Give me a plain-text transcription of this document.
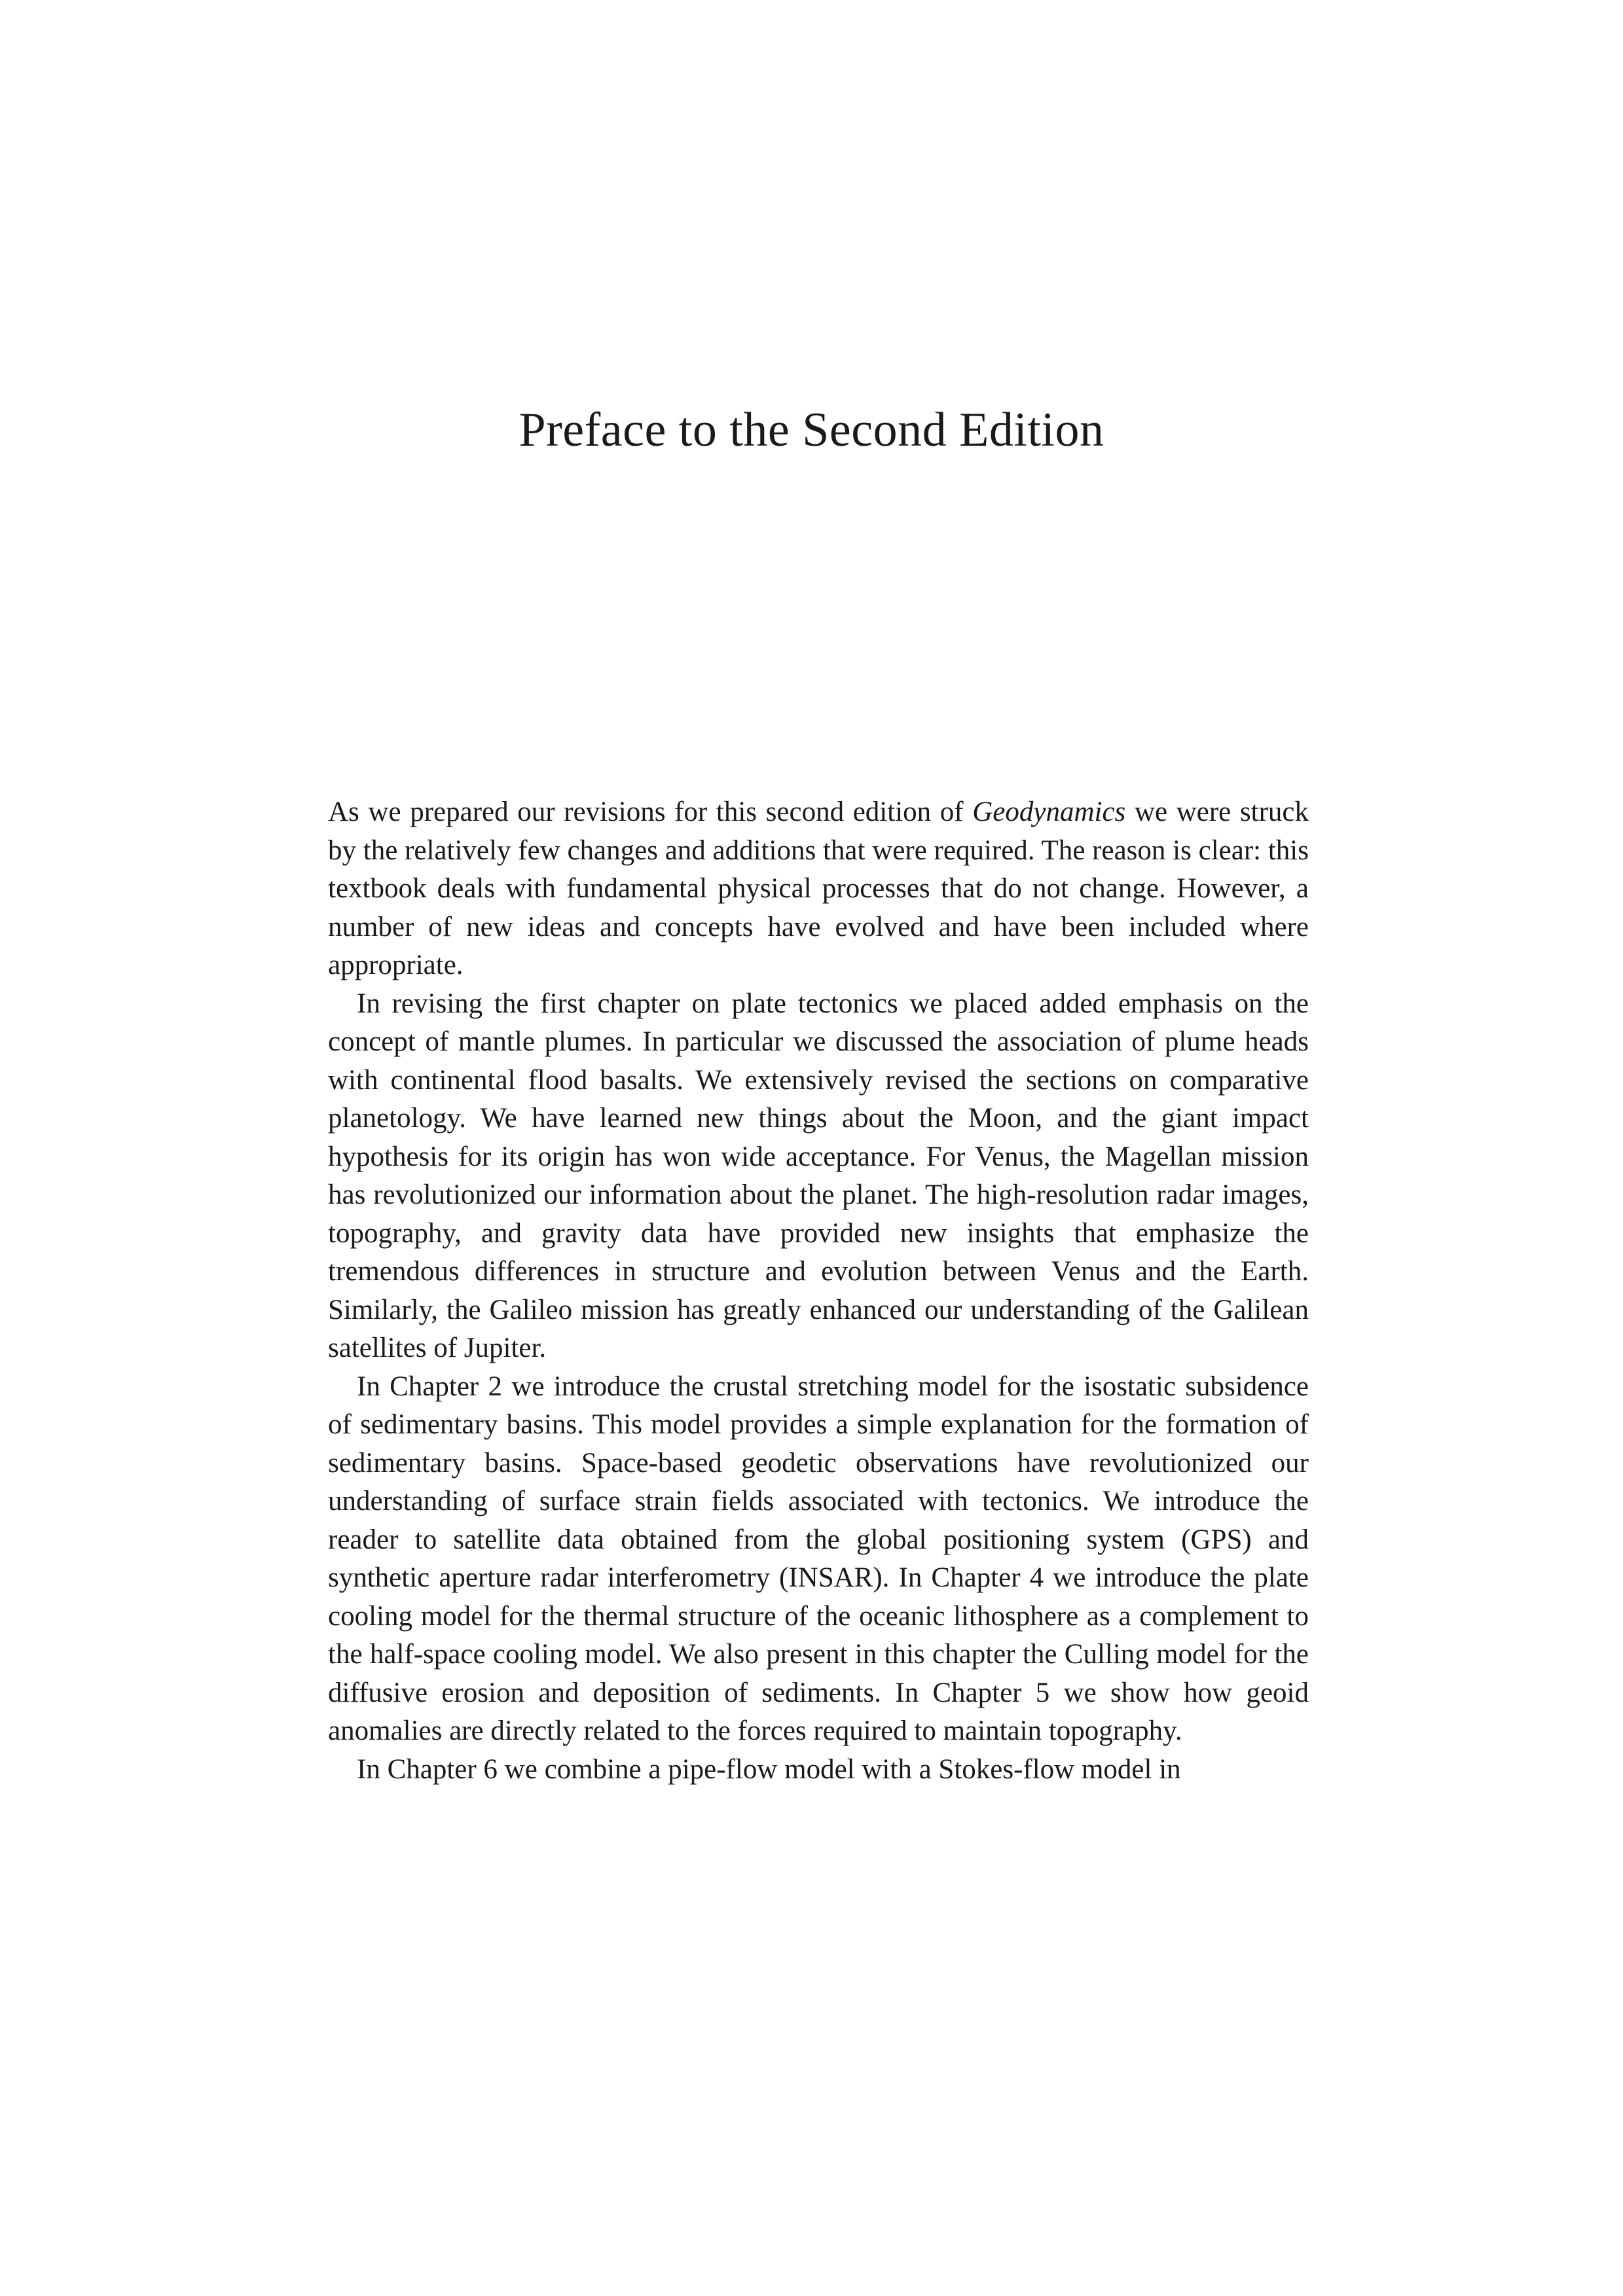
Preface to the Second Edition

As we prepared our revisions for this second edition of Geodynamics we were struck by the relatively few changes and additions that were required. The reason is clear: this textbook deals with fundamental physical processes that do not change. However, a number of new ideas and concepts have evolved and have been included where appropriate.

In revising the first chapter on plate tectonics we placed added emphasis on the concept of mantle plumes. In particular we discussed the association of plume heads with continental flood basalts. We extensively revised the sections on comparative planetology. We have learned new things about the Moon, and the giant impact hypothesis for its origin has won wide acceptance. For Venus, the Magellan mission has revolutionized our information about the planet. The high-resolution radar images, topography, and gravity data have provided new insights that emphasize the tremendous differences in structure and evolution between Venus and the Earth. Similarly, the Galileo mission has greatly enhanced our understanding of the Galilean satellites of Jupiter.

In Chapter 2 we introduce the crustal stretching model for the isostatic subsidence of sedimentary basins. This model provides a simple explanation for the formation of sedimentary basins. Space-based geodetic observations have revolutionized our understanding of surface strain fields associated with tectonics. We introduce the reader to satellite data obtained from the global positioning system (GPS) and synthetic aperture radar interferometry (INSAR). In Chapter 4 we introduce the plate cooling model for the thermal structure of the oceanic lithosphere as a complement to the half-space cooling model. We also present in this chapter the Culling model for the diffusive erosion and deposition of sediments. In Chapter 5 we show how geoid anomalies are directly related to the forces required to maintain topography.

In Chapter 6 we combine a pipe-flow model with a Stokes-flow model in
